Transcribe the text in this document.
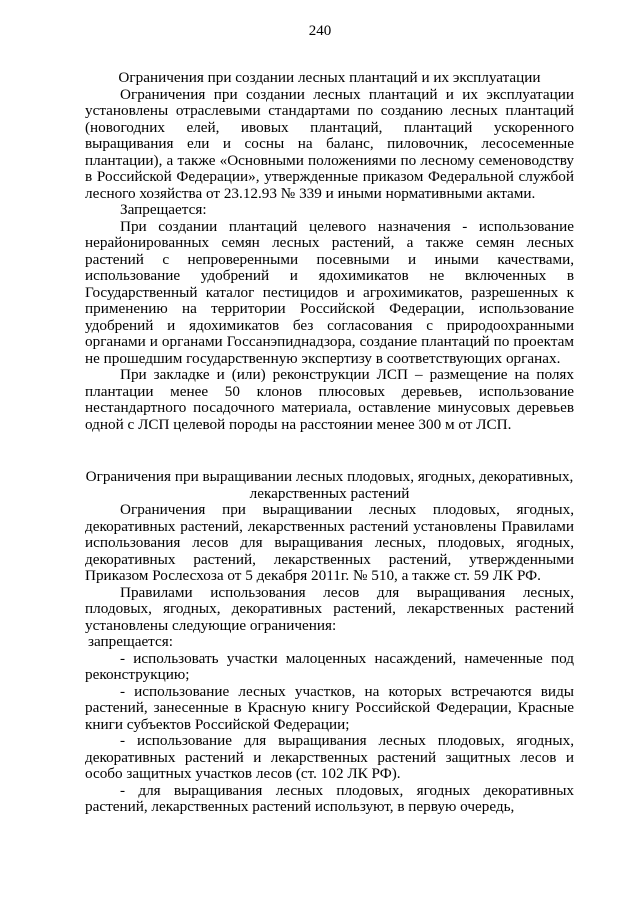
240

Ограничения при создании лесных плантаций и их эксплуатации

Ограничения при создании лесных плантаций и их эксплуатации установлены отраслевыми стандартами по созданию лесных плантаций (новогодних елей, ивовых плантаций, плантаций ускоренного выращивания ели и сосны на баланс, пиловочник, лесосеменные плантации), а также «Основными положениями по лесному семеноводству в Российской Федерации», утвержденные приказом Федеральной службой лесного хозяйства от 23.12.93 № 339 и иными нормативными актами.

Запрещается:

При создании плантаций целевого назначения - использование нерайонированных семян лесных растений, а также семян лесных растений с непроверенными посевными и иными качествами, использование удобрений и ядохимикатов не включенных в Государственный каталог пестицидов и агрохимикатов, разрешенных к применению на территории Российской Федерации, использование удобрений и ядохимикатов без согласования с природоохранными органами и органами Госсанэпиднадзора, создание плантаций по проектам не прошедшим государственную экспертизу в соответствующих органах.

При закладке и (или) реконструкции ЛСП – размещение на полях плантации менее 50 клонов плюсовых деревьев, использование нестандартного посадочного материала, оставление минусовых деревьев одной с ЛСП целевой породы на расстоянии менее 300 м от ЛСП.

Ограничения при выращивании лесных плодовых, ягодных, декоративных, лекарственных растений

Ограничения при выращивании лесных плодовых, ягодных, декоративных растений, лекарственных растений установлены Правилами использования лесов для выращивания лесных, плодовых, ягодных, декоративных растений, лекарственных растений, утвержденными Приказом Рослесхоза от 5 декабря 2011г. № 510, а также ст. 59 ЛК РФ.

Правилами использования лесов для выращивания лесных, плодовых, ягодных, декоративных растений, лекарственных растений установлены следующие ограничения:

запрещается:

- использовать участки малоценных насаждений, намеченные под реконструкцию;

- использование лесных участков, на которых встречаются виды растений, занесенные в Красную книгу Российской Федерации, Красные книги субъектов Российской Федерации;

- использование для выращивания лесных плодовых, ягодных, декоративных растений и лекарственных растений защитных лесов и особо защитных участков лесов (ст. 102 ЛК РФ).

- для выращивания лесных плодовых, ягодных декоративных растений, лекарственных растений используют, в первую очередь,
